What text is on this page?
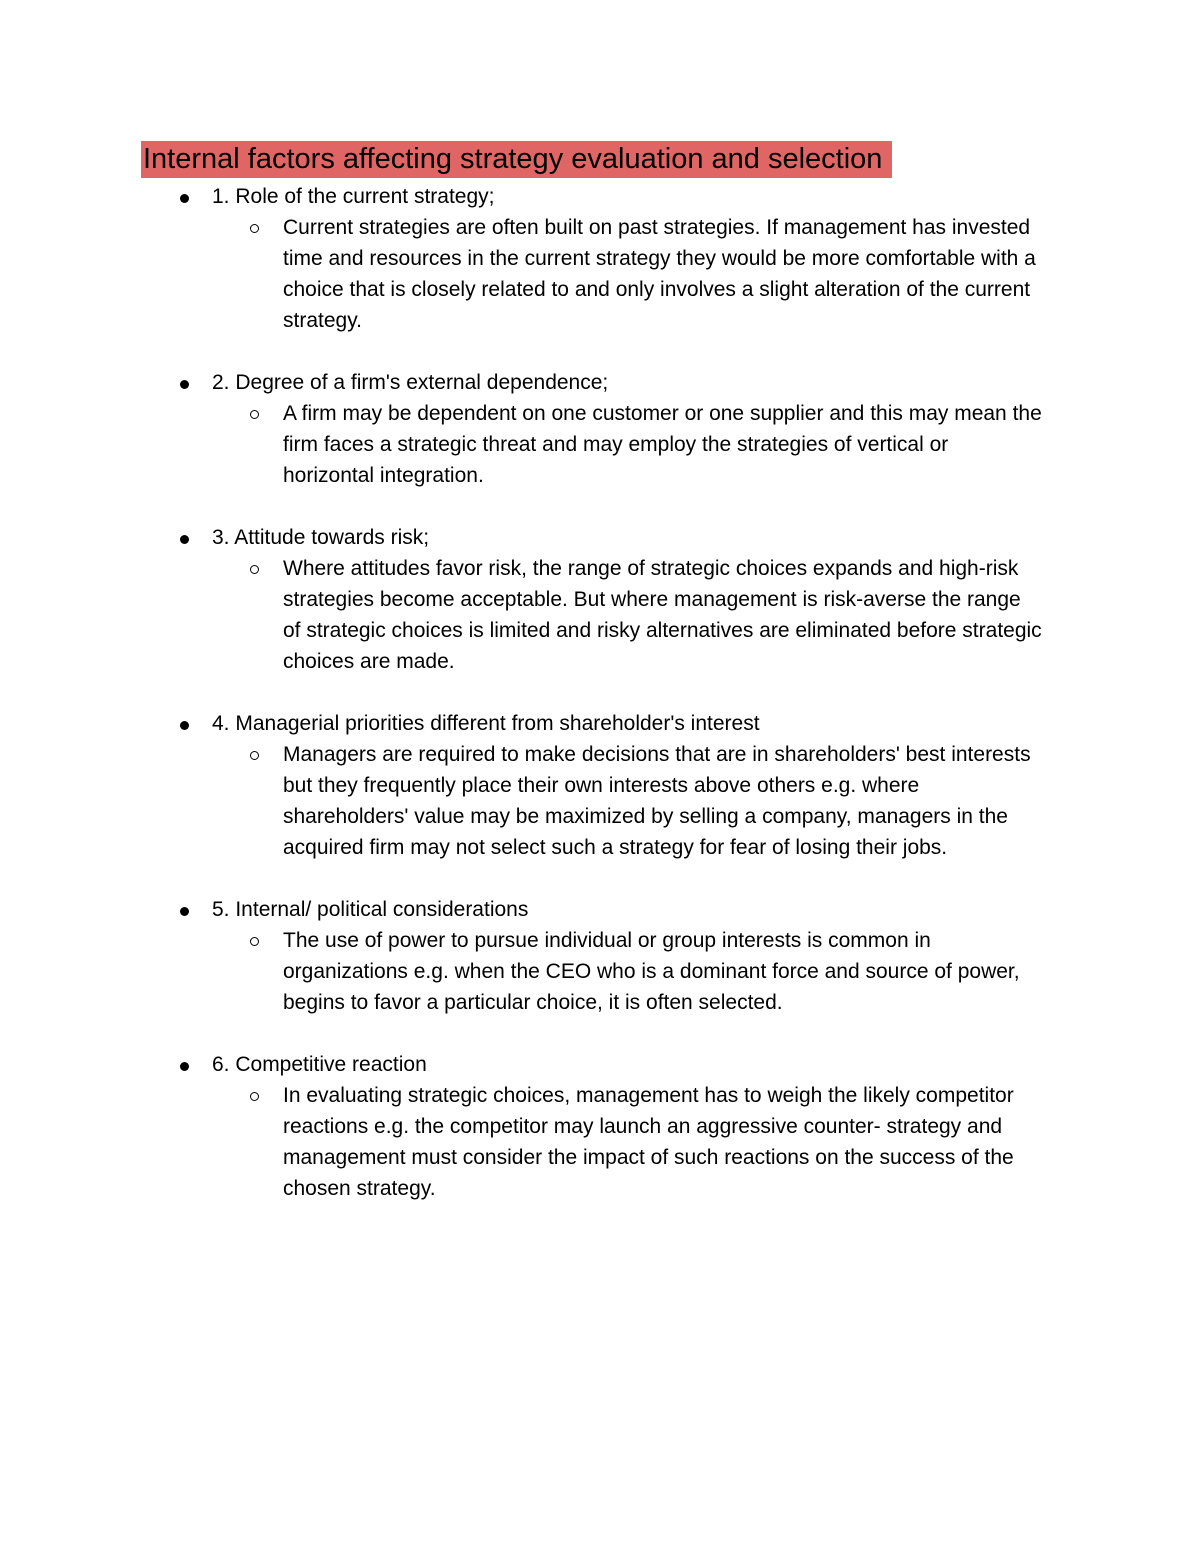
Internal factors affecting strategy evaluation and selection
1. Role of the current strategy;
Current strategies are often built on past strategies. If management has invested time and resources in the current strategy they would be more comfortable with a choice that is closely related to and only involves a slight alteration of the current strategy.
2. Degree of a firm's external dependence;
A firm may be dependent on one customer or one supplier and this may mean the firm faces a strategic threat and may employ the strategies of vertical or horizontal integration.
3. Attitude towards risk;
Where attitudes favor risk, the range of strategic choices expands and high-risk strategies become acceptable. But where management is risk-averse the range of strategic choices is limited and risky alternatives are eliminated before strategic choices are made.
4. Managerial priorities different from shareholder's interest
Managers are required to make decisions that are in shareholders' best interests but they frequently place their own interests above others e.g. where shareholders' value may be maximized by selling a company, managers in the acquired firm may not select such a strategy for fear of losing their jobs.
5. Internal/ political considerations
The use of power to pursue individual or group interests is common in organizations e.g. when the CEO who is a dominant force and source of power, begins to favor a particular choice, it is often selected.
6. Competitive reaction
In evaluating strategic choices, management has to weigh the likely competitor reactions e.g. the competitor may launch an aggressive counter- strategy and management must consider the impact of such reactions on the success of the chosen strategy.
